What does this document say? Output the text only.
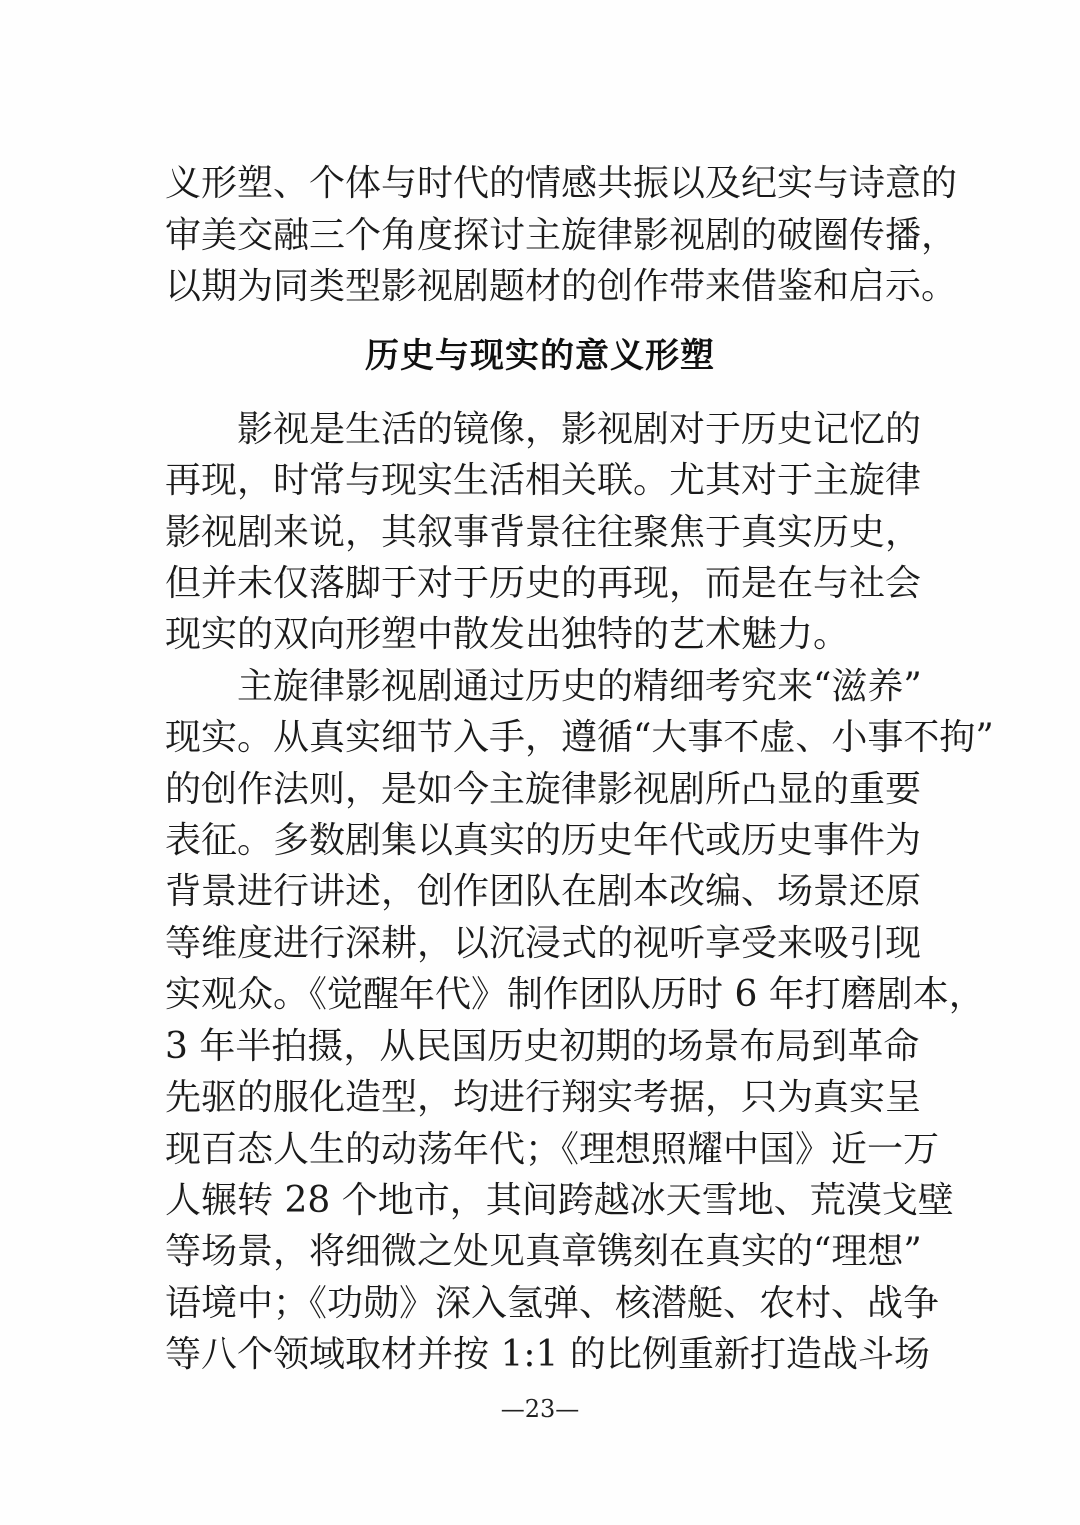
义形塑、个体与时代的情感共振以及纪实与诗意的
审美交融三个角度探讨主旋律影视剧的破圈传播，
以期为同类型影视剧题材的创作带来借鉴和启示。
历史与现实的意义形塑
影视是生活的镜像，影视剧对于历史记忆的
再现，时常与现实生活相关联。尤其对于主旋律
影视剧来说，其叙事背景往往聚焦于真实历史，
但并未仅落脚于对于历史的再现，而是在与社会
现实的双向形塑中散发出独特的艺术魅力。
主旋律影视剧通过历史的精细考究来“滋养”
现实。从真实细节入手，遵循“大事不虚、小事不拘”
的创作法则，是如今主旋律影视剧所凸显的重要
表征。多数剧集以真实的历史年代或历史事件为
背景进行讲述，创作团队在剧本改编、场景还原
等维度进行深耕，以沉浸式的视听享受来吸引现
实观众。《觉醒年代》制作团队历时 6 年打磨剧本，
3 年半拍摄，从民国历史初期的场景布局到革命
先驱的服化造型，均进行翔实考据，只为真实呈
现百态人生的动荡年代；《理想照耀中国》近一万
人辗转 28 个地市，其间跨越冰天雪地、荒漠戈壁
等场景，将细微之处见真章镌刻在真实的“理想”
语境中；《功勋》深入氢弹、核潜艇、农村、战争
等八个领域取材并按 1:1 的比例重新打造战斗场
—23—
